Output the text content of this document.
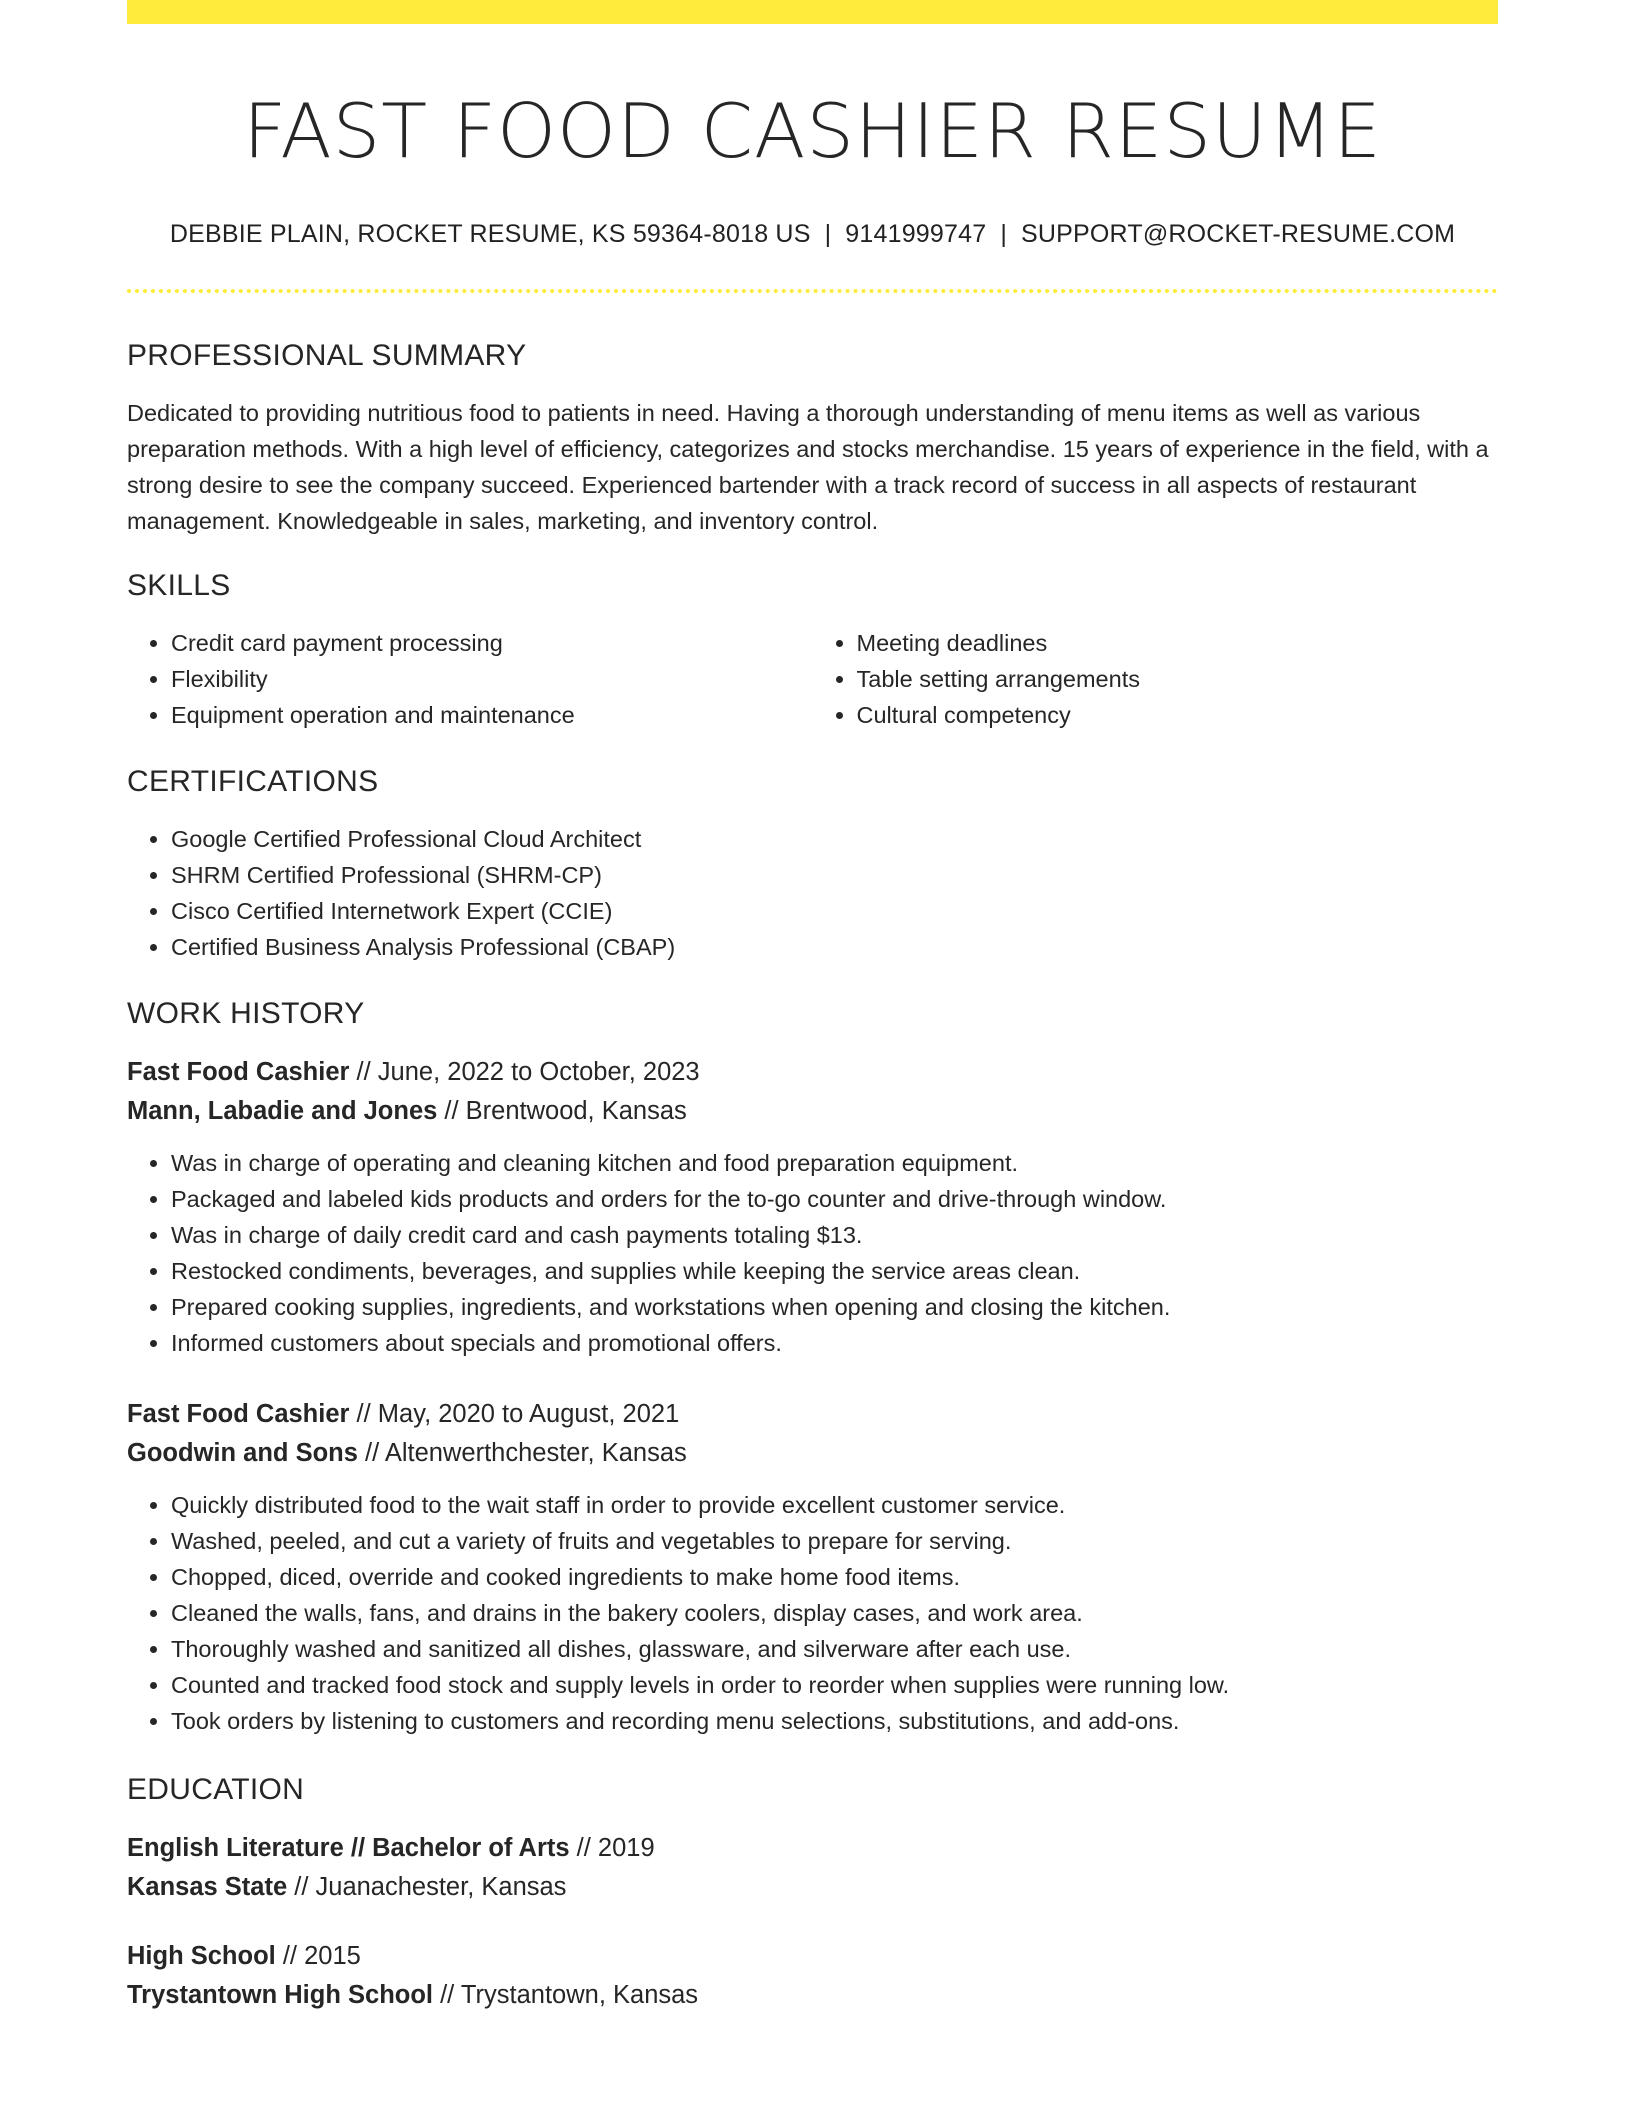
FAST FOOD CASHIER RESUME
DEBBIE PLAIN, ROCKET RESUME, KS 59364-8018 US | 9141999747 | SUPPORT@ROCKET-RESUME.COM
PROFESSIONAL SUMMARY

Dedicated to providing nutritious food to patients in need. Having a thorough understanding of menu items as well as various preparation methods. With a high level of efficiency, categorizes and stocks merchandise. 15 years of experience in the field, with a strong desire to see the company succeed. Experienced bartender with a track record of success in all aspects of restaurant management. Knowledgeable in sales, marketing, and inventory control.

SKILLS
• Credit card payment processing
• Flexibility
• Equipment operation and maintenance
• Meeting deadlines
• Table setting arrangements
• Cultural competency
CERTIFICATIONS
• Google Certified Professional Cloud Architect
• SHRM Certified Professional (SHRM-CP)
• Cisco Certified Internetwork Expert (CCIE)
• Certified Business Analysis Professional (CBAP)
WORK HISTORY
Fast Food Cashier // June, 2022 to October, 2023
Mann, Labadie and Jones // Brentwood, Kansas
• Was in charge of operating and cleaning kitchen and food preparation equipment.
• Packaged and labeled kids products and orders for the to-go counter and drive-through window.
• Was in charge of daily credit card and cash payments totaling $13.
• Restocked condiments, beverages, and supplies while keeping the service areas clean.
• Prepared cooking supplies, ingredients, and workstations when opening and closing the kitchen.
• Informed customers about specials and promotional offers.
Fast Food Cashier // May, 2020 to August, 2021
Goodwin and Sons // Altenwerthchester, Kansas
• Quickly distributed food to the wait staff in order to provide excellent customer service.
• Washed, peeled, and cut a variety of fruits and vegetables to prepare for serving.
• Chopped, diced, override and cooked ingredients to make home food items.
• Cleaned the walls, fans, and drains in the bakery coolers, display cases, and work area.
• Thoroughly washed and sanitized all dishes, glassware, and silverware after each use.
• Counted and tracked food stock and supply levels in order to reorder when supplies were running low.
• Took orders by listening to customers and recording menu selections, substitutions, and add-ons.
EDUCATION
English Literature // Bachelor of Arts // 2019
Kansas State // Juanachester, Kansas
High School // 2015
Trystantown High School // Trystantown, Kansas
